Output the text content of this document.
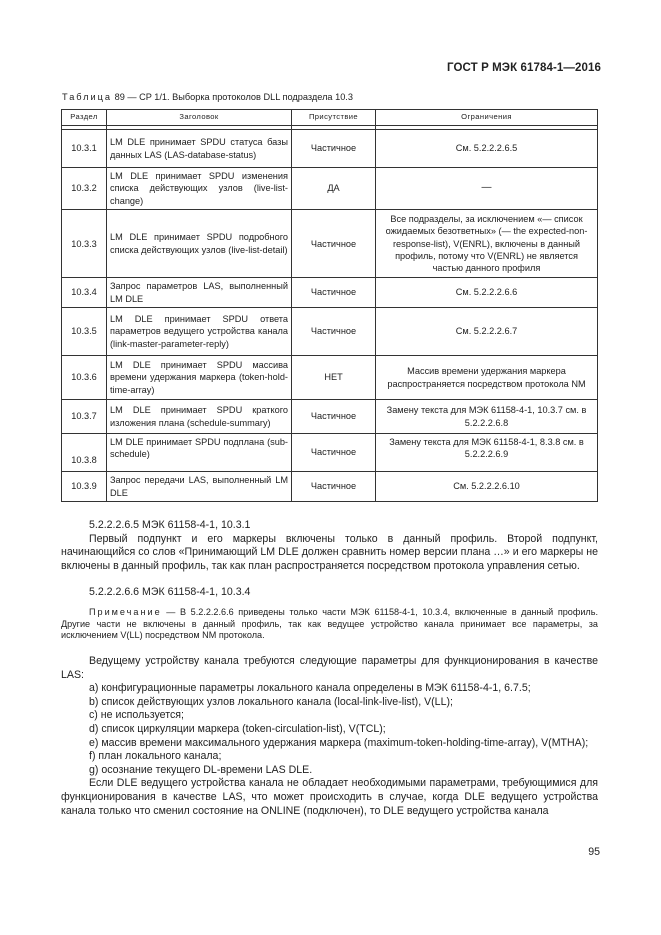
ГОСТ Р МЭК 61784-1—2016
Таблица 89 — CP 1/1. Выборка протоколов DLL подраздела 10.3
Раздел	Заголовок	Присутствие	Ограничения

10.3.1	LM DLE принимает SPDU статуса базы данных LAS (LAS-database-status)	Частичное	См. 5.2.2.2.6.5
10.3.2	LM DLE принимает SPDU изменения списка действующих узлов (live-list-change)	ДА	—
10.3.3	LM DLE принимает SPDU подробного списка действующих узлов (live-list-detail)	Частичное	Все подразделы, за исключением «— список ожидаемых безответных» (— the expected-non-response-list), V(ENRL), включены в данный профиль, потому что V(ENRL) не является частью данного профиля
10.3.4	Запрос параметров LAS, выполненный LM DLE	Частичное	См. 5.2.2.2.6.6
10.3.5	LM DLE принимает SPDU ответа параметров ведущего устройства канала (link-master-parameter-reply)	Частичное	См. 5.2.2.2.6.7
10.3.6	LM DLE принимает SPDU массива времени удержания маркера (token-hold-time-array)	НЕТ	Массив времени удержания маркера распространяется посредством протокола NM
10.3.7	LM DLE принимает SPDU краткого изложения плана (schedule-summary)	Частичное	Замену текста для МЭК 61158-4-1, 10.3.7 см. в 5.2.2.2.6.8
10.3.8	LM DLE принимает SPDU подплана (sub-schedule)	Частичное	Замену текста для МЭК 61158-4-1, 8.3.8 см. в 5.2.2.2.6.9
10.3.9	Запрос передачи LAS, выполненный LM DLE	Частичное	См. 5.2.2.2.6.10

5.2.2.2.6.5 МЭК 61158-4-1, 10.3.1

Первый подпункт и его маркеры включены только в данный профиль. Второй подпункт, начинающийся со слов «Принимающий LM DLE должен сравнить номер версии плана …» и его маркеры не включены в данный профиль, так как план распространяется посредством протокола управления сетью.

5.2.2.2.6.6 МЭК 61158-4-1, 10.3.4

Примечание — В 5.2.2.2.6.6 приведены только части МЭК 61158-4-1, 10.3.4, включенные в данный профиль. Другие части не включены в данный профиль, так как ведущее устройство канала принимает все параметры, за исключением V(LL) посредством NM протокола.

Ведущему устройству канала требуются следующие параметры для функционирования в качестве LAS:

a) конфигурационные параметры локального канала определены в МЭК 61158-4-1, 6.7.5;

b) список действующих узлов локального канала (local-link-live-list), V(LL);

c) не используется;

d) список циркуляции маркера (token-circulation-list), V(TCL);

e) массив времени максимального удержания маркера (maximum-token-holding-time-array), V(MTHA);

f) план локального канала;

g) осознание текущего DL-времени LAS DLE.

Если DLE ведущего устройства канала не обладает необходимыми параметрами, требующимися для функционирования в качестве LAS, что может происходить в случае, когда DLE ведущего устройства канала только что сменил состояние на ONLINE (подключен), то DLE ведущего устройства канала

95
